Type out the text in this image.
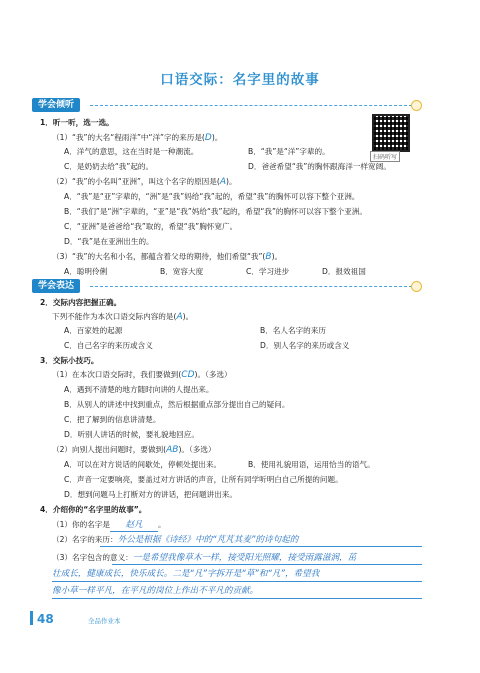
口语交际：名字里的故事
学会倾听
扫码听写
1．听一听，选一选。
（1）“我”的大名“程雨洋”中“洋”字的来历是(D)。
A．洋气的意思，这在当时是一种潮流。	B．“我”是“洋”字辈的。
C．是奶奶去给“我”起的。	D．爸爸希望“我”的胸怀跟海洋一样宽阔。
（2）“我”的小名叫“亚洲”，叫这个名字的原因是(A)。
A．“我”是“亚”字辈的，“洲”是“我”妈给“我”起的，希望“我”的胸怀可以容下整个亚洲。
B．“我们”是“洲”字辈的，“亚”是“我”妈给“我”起的，希望“我”的胸怀可以容下整个亚洲。
C．“亚洲”是爸爸给“我”取的，希望“我”胸怀宽广。
D．“我”是在亚洲出生的。
（3）“我”的大名和小名，都蕴含着父母的期待，他们希望“我”(B)。
A．聪明伶俐	B．宽容大度	C．学习进步	D．报效祖国
学会表达
2．交际内容把握正确。
下列不能作为本次口语交际内容的是(A)。
A．百家姓的起源	B．名人名字的来历
C．自己名字的来历或含义	D．别人名字的来历或含义
3．交际小技巧。
（1）在本次口语交际时，我们要做到(CD)。（多选）
A．遇到不清楚的地方随时向讲的人提出来。
B．从别人的讲述中找到重点，然后根据重点部分提出自己的疑问。
C．把了解到的信息讲清楚。
D．听别人讲话的时候，要礼貌地回应。
（2）向别人提出问题时，要做到(AB)。（多选）
A．可以在对方说话的间歇处，停顿处提出来。	B．使用礼貌用语，运用恰当的语气。
C．声音一定要响亮，要盖过对方讲话的声音，让所有同学听明白自己所提的问题。
D．想到问题马上打断对方的讲话，把问题讲出来。
4．介绍你的“名字里的故事”。
（1）你的名字是 赵凡 。
（2）名字的来历：外公是根据《诗经》中的“芃芃其麦”的诗句起的
（3）名字包含的意义：一是希望我像草木一样，接受阳光照耀，接受雨露滋润，茁
壮成长，健康成长，快乐成长。二是“凡”字拆开是“草”和“凡”，希望我
像小草一样平凡，在平凡的岗位上作出不平凡的贡献。
48	全品作业本
